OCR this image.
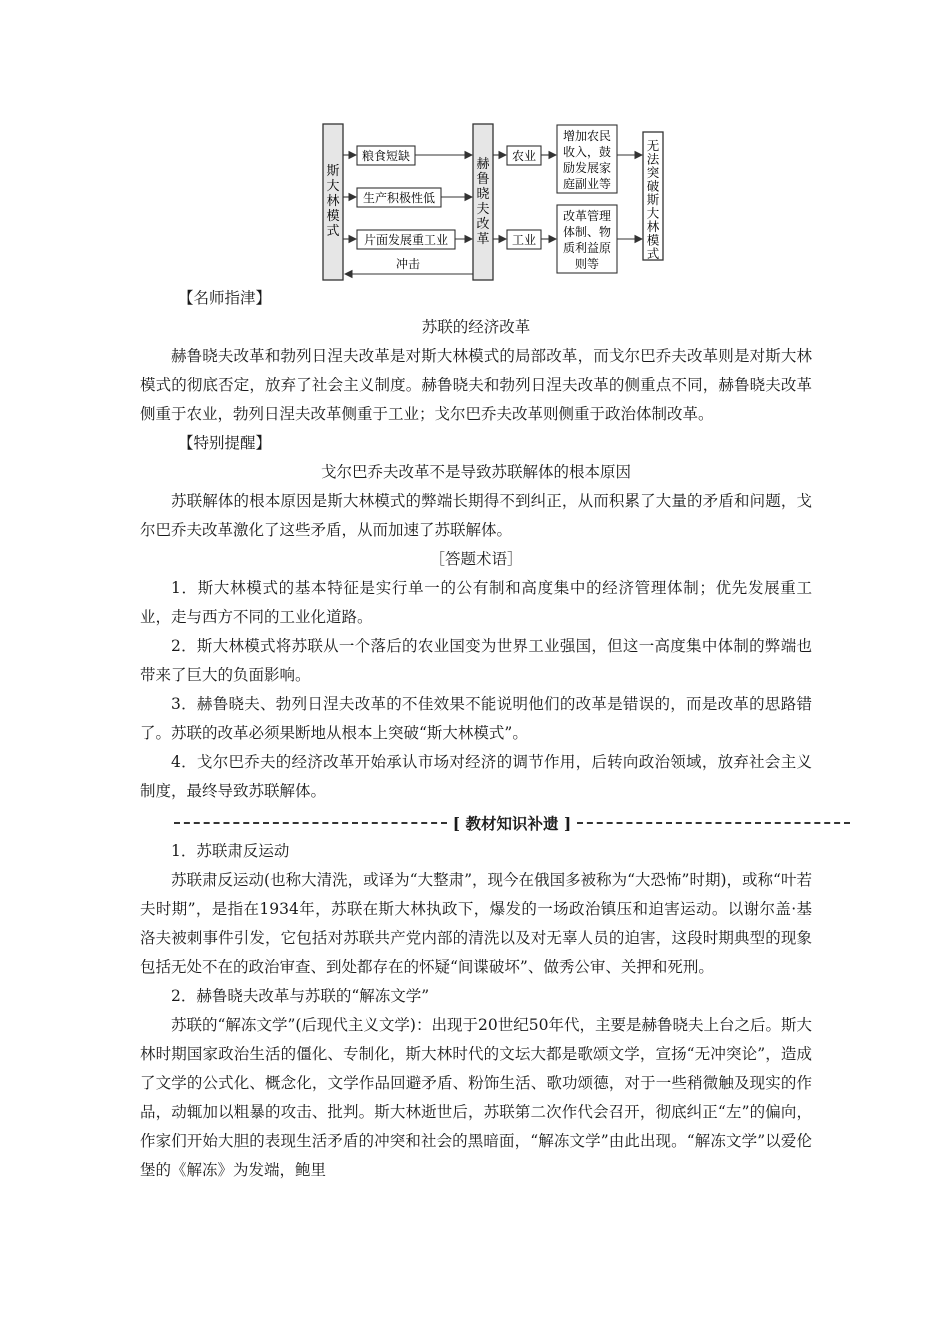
斯
大
林
模
式
粮食短缺
生产积极性低
片面发展重工业
赫
鲁
晓
夫
改
革
冲击
农业
工业
增加农民
收入，鼓
励发展家
庭副业等
改革管理
体制、物
质利益原
则等
无
法
突
破
斯
大
林
模
式

【名师指津】

苏联的经济改革

赫鲁晓夫改革和勃列日涅夫改革是对斯大林模式的局部改革，而戈尔巴乔夫改革则是对斯大林模式的彻底否定，放弃了社会主义制度。赫鲁晓夫和勃列日涅夫改革的侧重点不同，赫鲁晓夫改革侧重于农业，勃列日涅夫改革侧重于工业；戈尔巴乔夫改革则侧重于政治体制改革。

【特别提醒】

戈尔巴乔夫改革不是导致苏联解体的根本原因

苏联解体的根本原因是斯大林模式的弊端长期得不到纠正，从而积累了大量的矛盾和问题，戈尔巴乔夫改革激化了这些矛盾，从而加速了苏联解体。

［答题术语］

1．斯大林模式的基本特征是实行单一的公有制和高度集中的经济管理体制；优先发展重工业，走与西方不同的工业化道路。

2．斯大林模式将苏联从一个落后的农业国变为世界工业强国，但这一高度集中体制的弊端也带来了巨大的负面影响。

3．赫鲁晓夫、勃列日涅夫改革的不佳效果不能说明他们的改革是错误的，而是改革的思路错了。苏联的改革必须果断地从根本上突破“斯大林模式”。

4．戈尔巴乔夫的经济改革开始承认市场对经济的调节作用，后转向政治领域，放弃社会主义制度，最终导致苏联解体。

[ 教材知识补遗 ]

1．苏联肃反运动

苏联肃反运动(也称大清洗，或译为“大整肃”，现今在俄国多被称为“大恐怖”时期)，或称“叶若夫时期”，是指在1934年，苏联在斯大林执政下，爆发的一场政治镇压和迫害运动。以谢尔盖·基洛夫被刺事件引发，它包括对苏联共产党内部的清洗以及对无辜人员的迫害，这段时期典型的现象包括无处不在的政治审查、到处都存在的怀疑“间谍破坏”、做秀公审、关押和死刑。

2．赫鲁晓夫改革与苏联的“解冻文学”

苏联的“解冻文学”(后现代主义文学)：出现于20世纪50年代，主要是赫鲁晓夫上台之后。斯大林时期国家政治生活的僵化、专制化，斯大林时代的文坛大都是歌颂文学，宣扬“无冲突论”，造成了文学的公式化、概念化，文学作品回避矛盾、粉饰生活、歌功颂德，对于一些稍微触及现实的作品，动辄加以粗暴的攻击、批判。斯大林逝世后，苏联第二次作代会召开，彻底纠正“左”的偏向，作家们开始大胆的表现生活矛盾的冲突和社会的黑暗面，“解冻文学”由此出现。“解冻文学”以爱伦堡的《解冻》为发端，鲍里
